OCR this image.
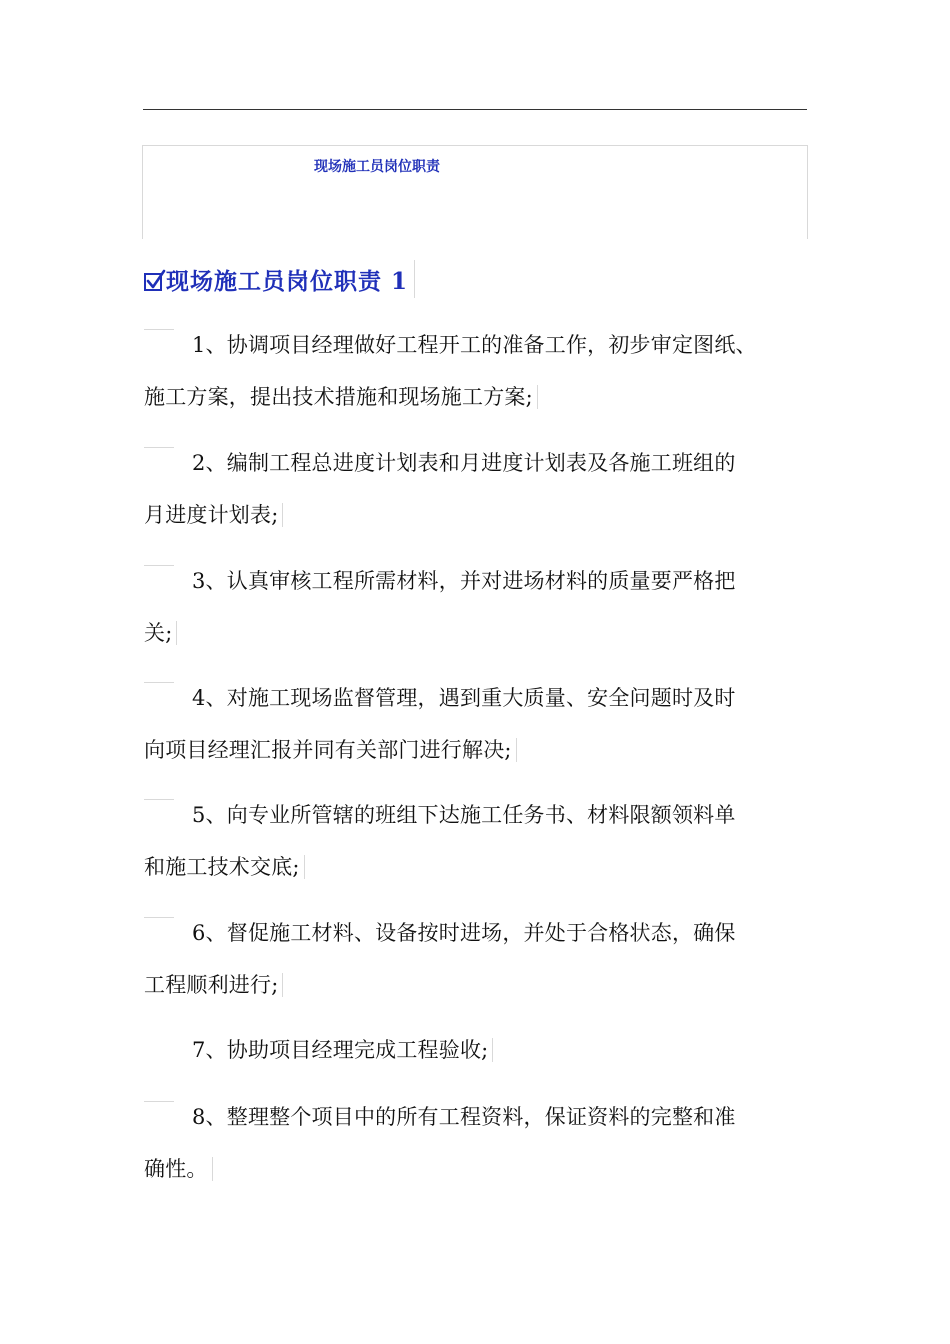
现场施工员岗位职责
现场施工员岗位职责 1
1、协调项目经理做好工程开工的准备工作，初步审定图纸、
施工方案，提出技术措施和现场施工方案;
2、编制工程总进度计划表和月进度计划表及各施工班组的
月进度计划表;
3、认真审核工程所需材料，并对进场材料的质量要严格把
关;
4、对施工现场监督管理，遇到重大质量、安全问题时及时
向项目经理汇报并同有关部门进行解决;
5、向专业所管辖的班组下达施工任务书、材料限额领料单
和施工技术交底;
6、督促施工材料、设备按时进场，并处于合格状态，确保
工程顺利进行;
7、协助项目经理完成工程验收;
8、整理整个项目中的所有工程资料，保证资料的完整和准
确性。
